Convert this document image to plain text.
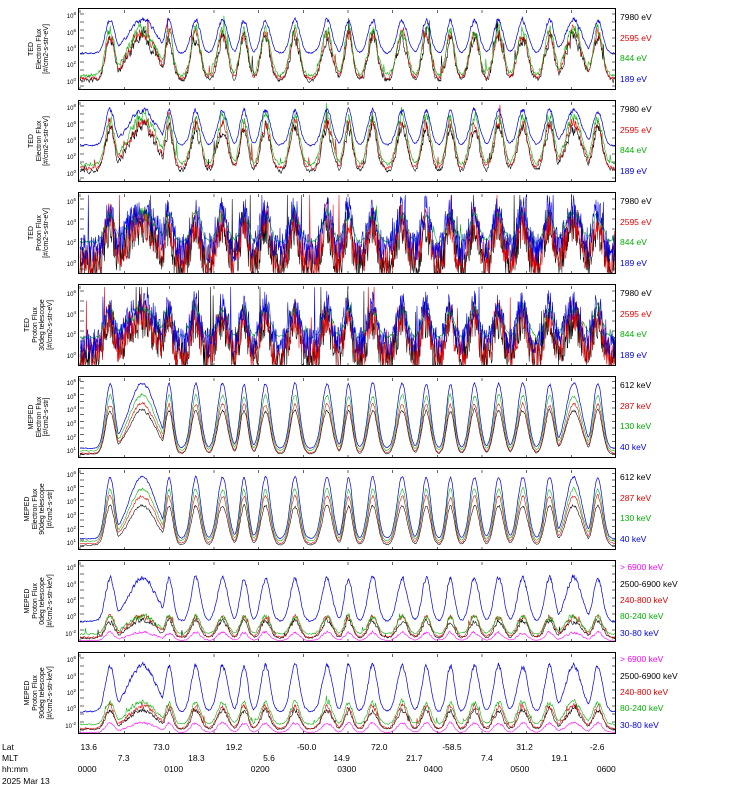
TED
Electron Flux
[#/cm2-s-str-eV]
$10^8$
$10^6$
$10^4$
$10^2$
$10^0$
7980 eV
2595 eV
844 eV
189 eV
TED
Electron Flux
[#/cm2-s-str-eV]
$10^8$
$10^6$
$10^4$
$10^2$
$10^0$
7980 eV
2595 eV
844 eV
189 eV
TED
Proton Flux
[#/cm2-s-str-eV]
$10^6$
$10^4$
$10^2$
$10^0$
7980 eV
2595 eV
844 eV
189 eV
TED
Proton Flux
30deg telescope
[#/cm2-s-str-eV]
$10^6$
$10^4$
$10^2$
$10^0$
7980 eV
2595 eV
844 eV
189 eV
MEPED
Electron Flux
[#/cm2-s-str]
$10^6$
$10^5$
$10^4$
$10^3$
$10^2$
$10^1$
612 keV
287 keV
130 keV
40 keV
MEPED
Electron Flux
90deg telescope
[#/cm2-s-str]
$10^6$
$10^5$
$10^4$
$10^3$
$10^2$
$10^1$
612 keV
287 keV
130 keV
40 keV
MEPED
Proton Flux
0deg telescope
[#/cm2-s-str-keV]
$10^6$
$10^4$
$10^2$
$10^0$
$10^{-2}$
> 6900 keV
2500-6900 keV
240-800 keV
80-240 keV
30-80 keV
MEPED
Proton Flux
90deg telescope
[#/cm2-s-str-keV]
$10^6$
$10^4$
$10^2$
$10^0$
$10^{-2}$
> 6900 keV
2500-6900 keV
240-800 keV
80-240 keV
30-80 keV
Lat	13.6	73.0	19.2	-50.0	72.0	-58.5	31.2	-2.6
MLT	7.3	18.3	5.6	14.9	21.7	7.4	19.1
hh:mm	0000	0100	0200	0300	0400	0500	0600
2025 Mar 13
